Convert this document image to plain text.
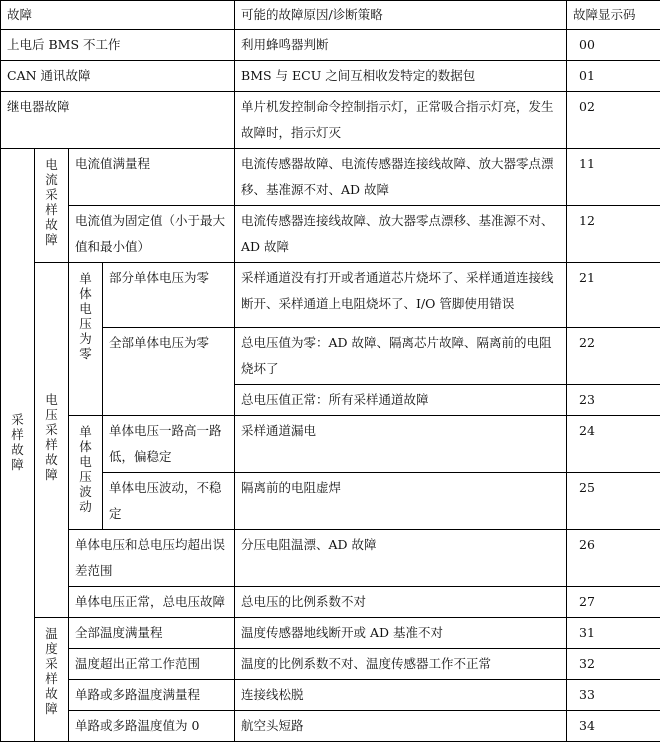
故障				可能的故障原因/诊断策略	故障显示码
上电后 BMS 不工作				利用蜂鸣器判断	00
CAN 通讯故障				BMS 与 ECU 之间互相收发特定的数据包	01
继电器故障				单片机发控制命令控制指示灯，正常吸合指示灯亮，发生故障时，指示灯灭	02
采样故障	电流采样故障	电流值满量程		电流传感器故障、电流传感器连接线故障、放大器零点漂移、基准源不对、AD 故障	11
		电流值为固定值（小于最大值和最小值）		电流传感器连接线故障、放大器零点漂移、基准源不对、AD 故障	12
	电压采样故障	单体电压为零	部分单体电压为零	采样通道没有打开或者通道芯片烧坏了、采样通道连接线断开、采样通道上电阻烧坏了、I/O 管脚使用错误	21
			全部单体电压为零	总电压值为零：AD 故障、隔离芯片故障、隔离前的电阻烧坏了	22
				总电压值正常：所有采样通道故障	23
		单体电压波动	单体电压一路高一路低，偏稳定	采样通道漏电	24
			单体电压波动，不稳定	隔离前的电阻虚焊	25
		单体电压和总电压均超出误差范围		分压电阻温漂、AD 故障	26
		单体电压正常，总电压故障		总电压的比例系数不对	27
	温度采样故障	全部温度满量程		温度传感器地线断开或 AD 基准不对	31
		温度超出正常工作范围		温度的比例系数不对、温度传感器工作不正常	32
		单路或多路温度满量程		连接线松脱	33
		单路或多路温度值为 0		航空头短路	34
